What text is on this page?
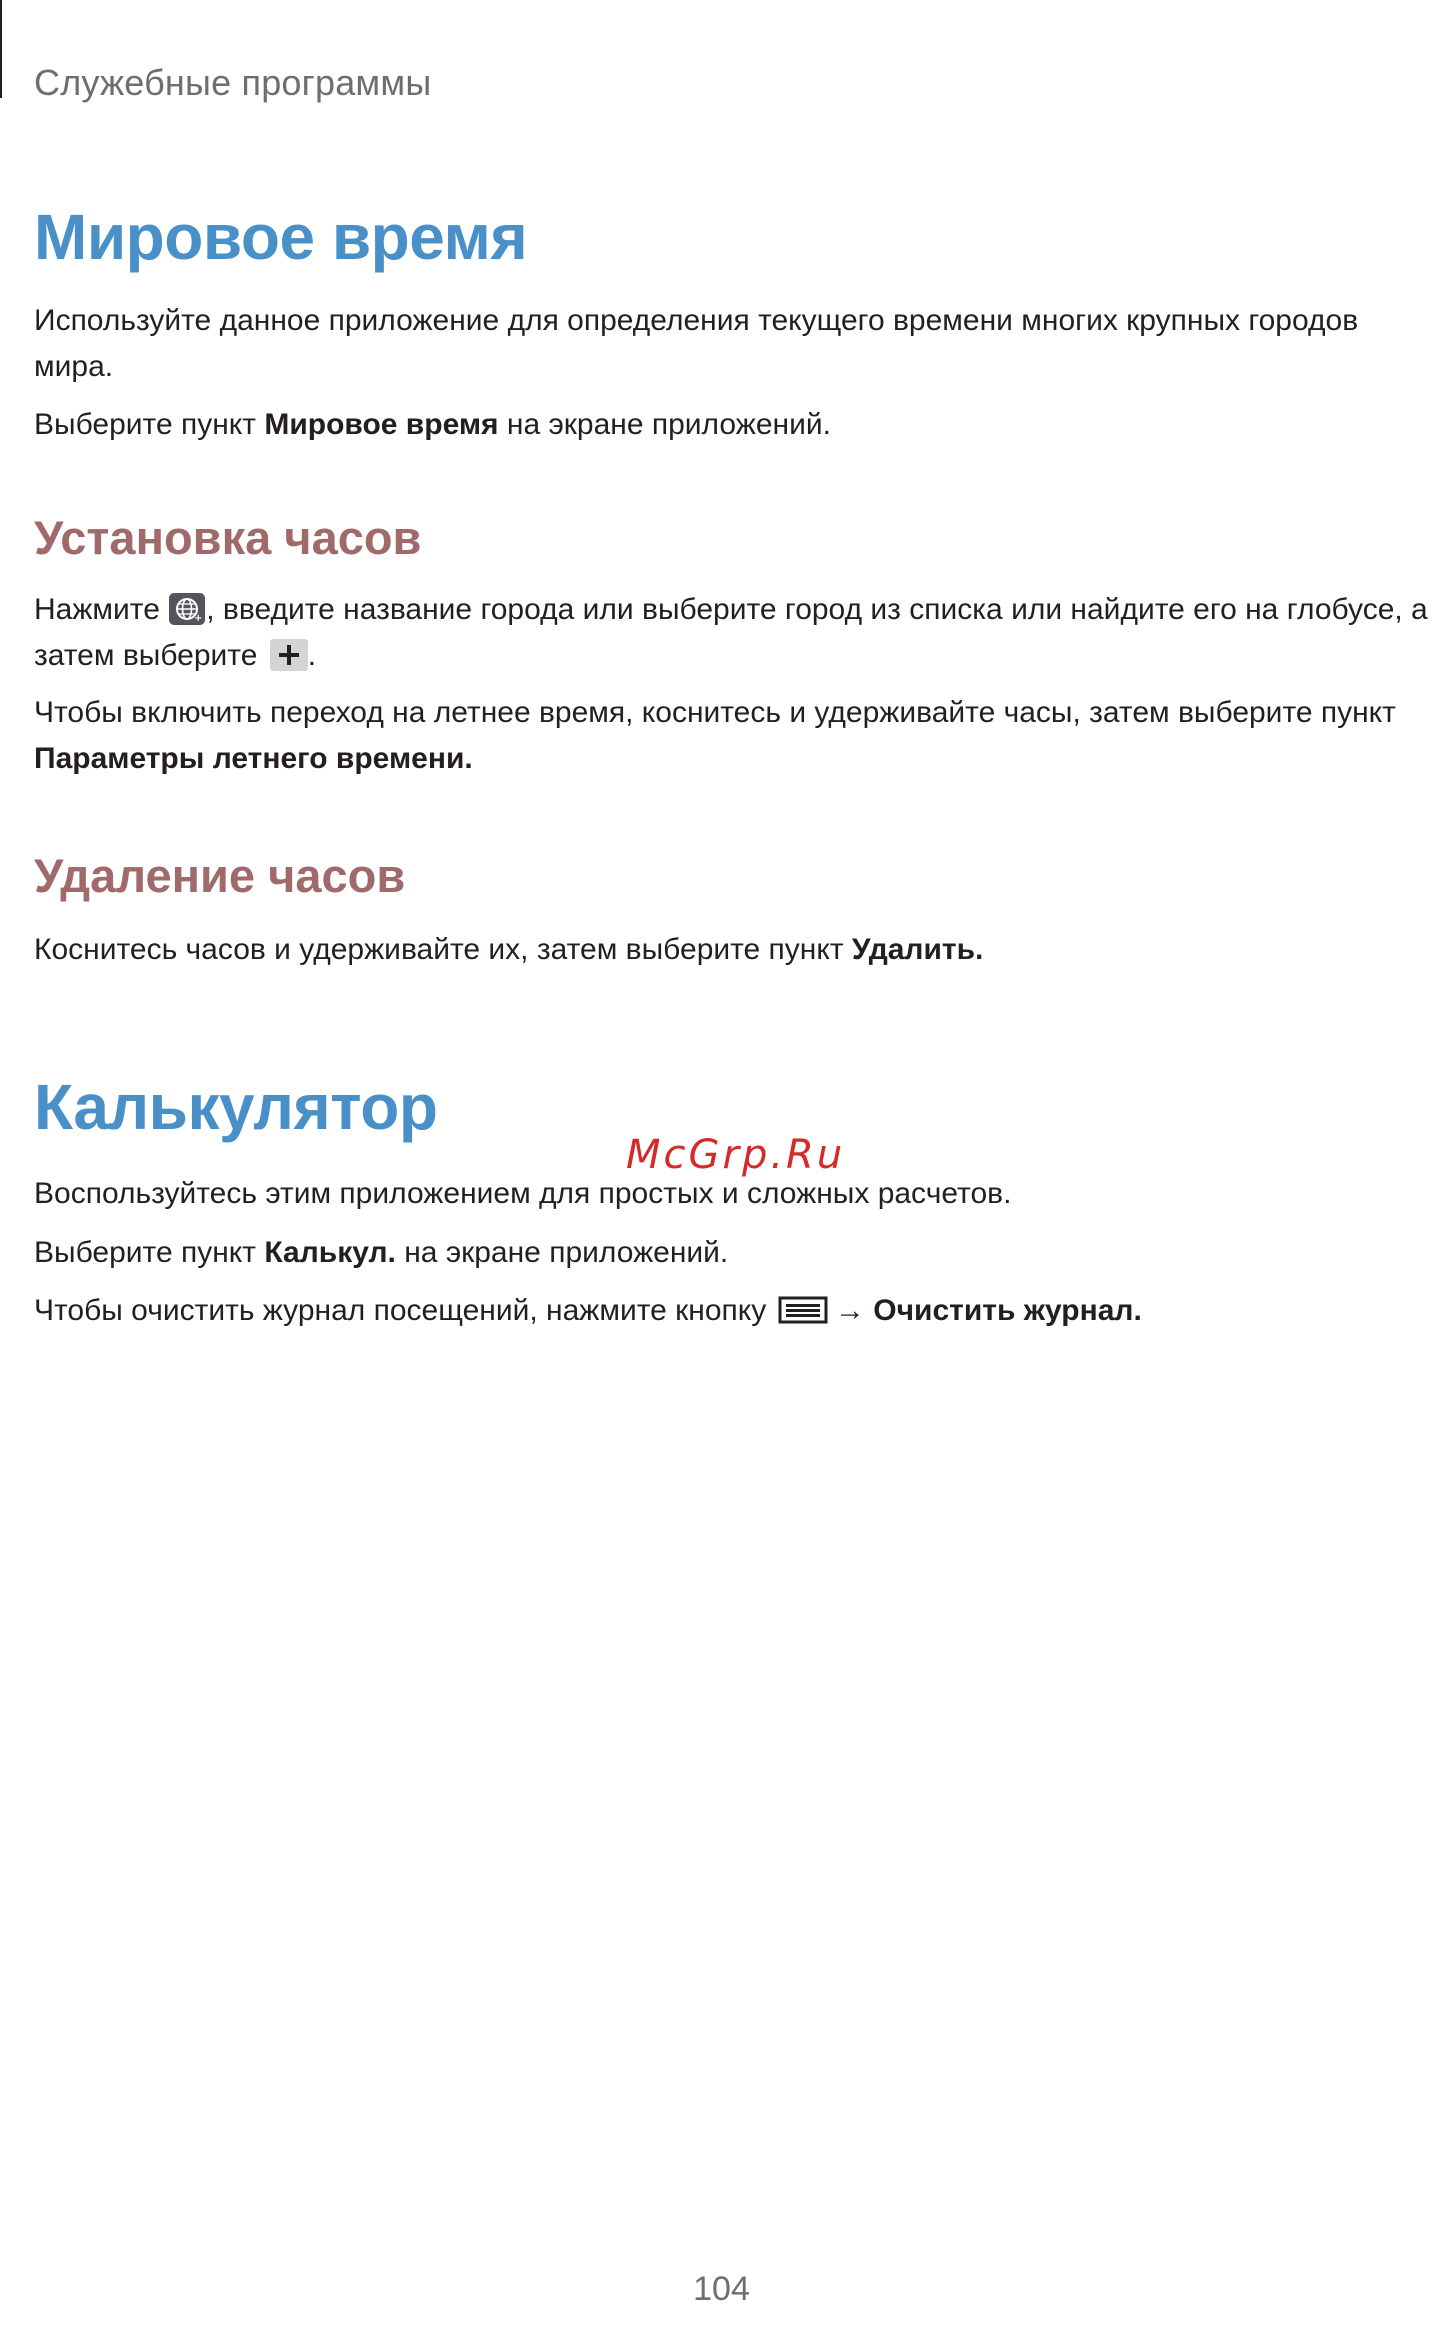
Служебные программы
Мировое время

Используйте данное приложение для определения текущего времени многих крупных городов мира.

Выберите пункт Мировое время на экране приложений.

Установка часов

Нажмите	+ , введите название города или выберите город из списка или найдите его на глобусе, а затем выберите
.

Чтобы включить переход на летнее время, коснитесь и удерживайте часы, затем выберите пункт Параметры летнего времени.

Удаление часов

Коснитесь часов и удерживайте их, затем выберите пункт Удалить.

Калькулятор

Воспользуйтесь этим приложением для простых и сложных расчетов.

Выберите пункт Калькул. на экране приложений.

Чтобы очистить журнал посещений, нажмите кнопку  → Очистить журнал.

McGrp.Ru
104
